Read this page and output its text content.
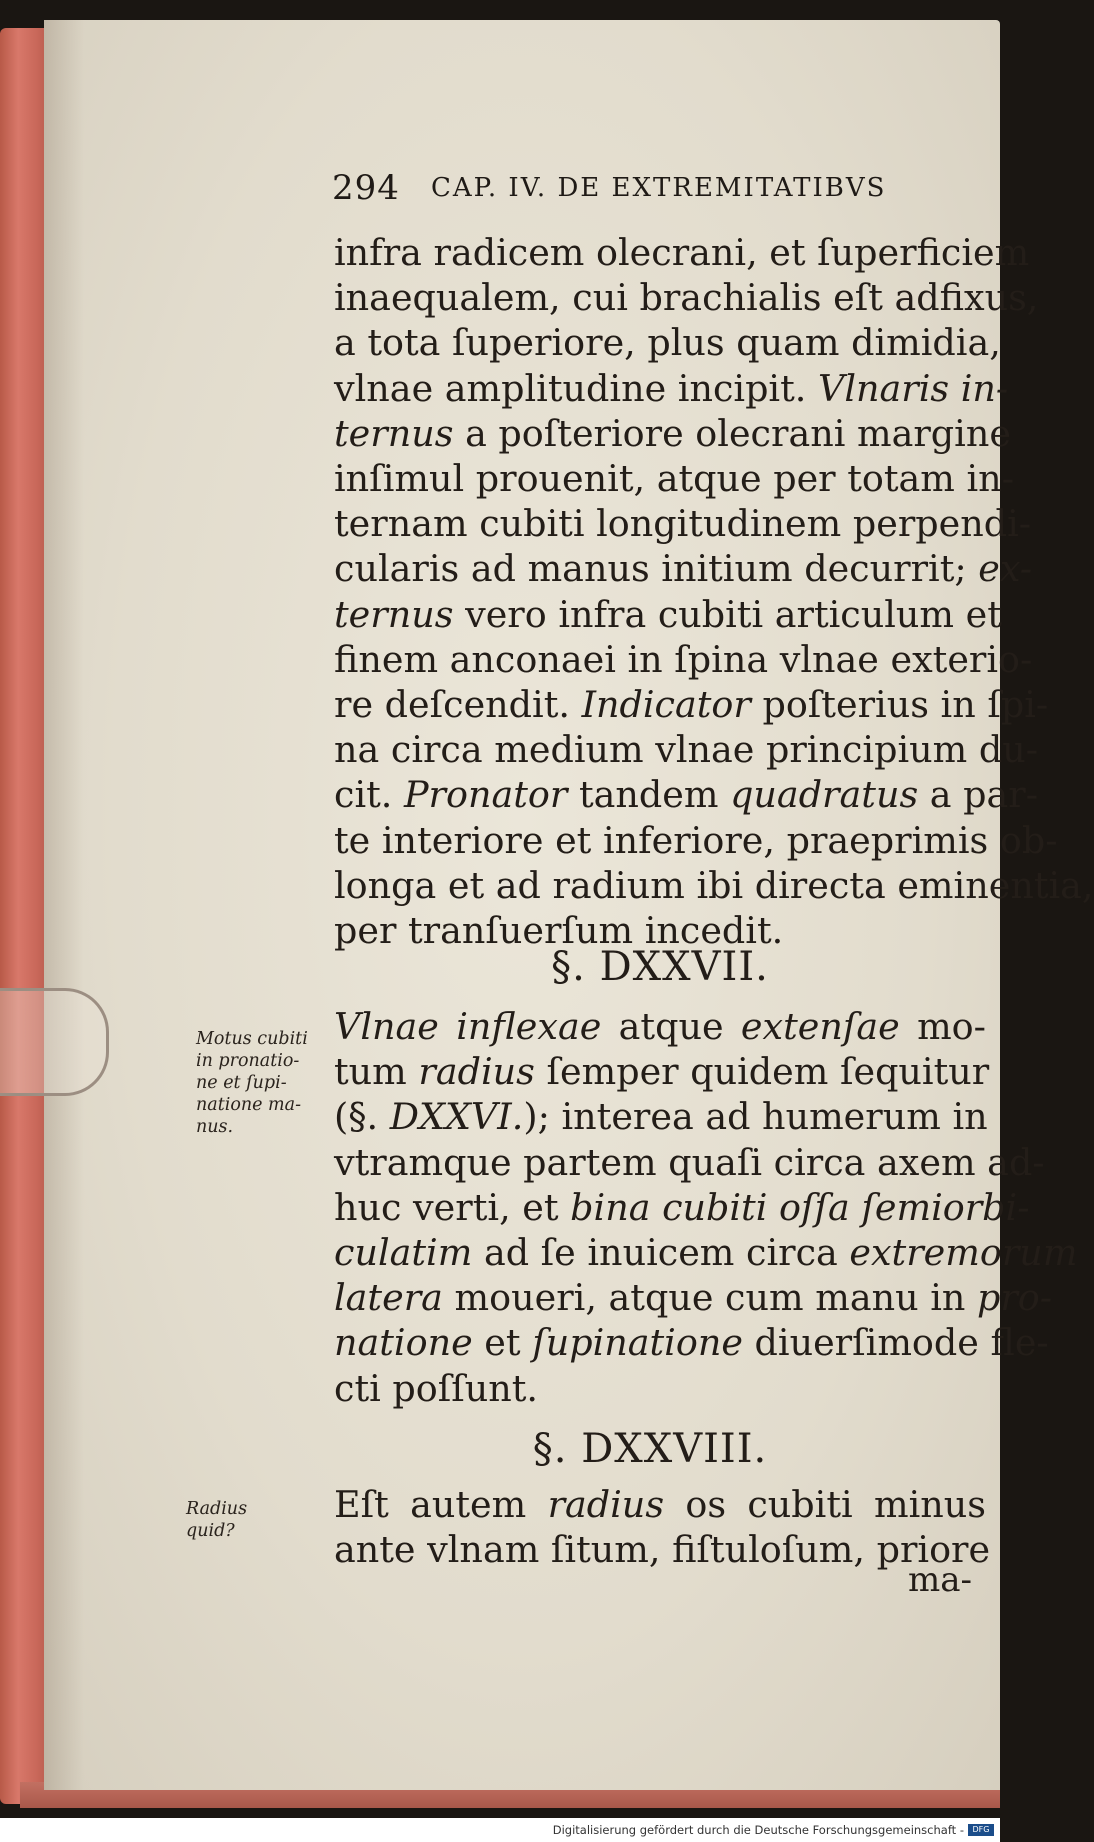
294 CAP. IV. DE EXTREMITATIBVS
infra radicem olecrani, et ſuperficiem
inaequalem, cui brachialis eſt adfixus,
a tota ſuperiore, plus quam dimidia,
vlnae amplitudine incipit. Vlnaris in-
ternus a poſteriore olecrani margine
inſimul prouenit, atque per totam in-
ternam cubiti longitudinem perpendi-
cularis ad manus initium decurrit; ex-
ternus vero infra cubiti articulum et
finem anconaei in ſpina vlnae exterio-
re deſcendit. Indicator poſterius in ſpi-
na circa medium vlnae principium du-
cit. Pronator tandem quadratus a par-
te interiore et inferiore, praeprimis ob-
longa et ad radium ibi directa eminentia,
per tranſuerſum incedit.
§. DXXVII.
Motus cubiti
in pronatio-
ne et ſupi-
natione ma-
nus.
Vlnae inflexae atque extenſae mo-
tum radius ſemper quidem ſequitur
(§. DXXVI.); interea ad humerum in
vtramque partem quaſi circa axem ad-
huc verti, et bina cubiti oſſa ſemiorbi-
culatim ad ſe inuicem circa extremorum
latera moueri, atque cum manu in pro-
natione et ſupinatione diuerſimode fle-
cti poſſunt.
§. DXXVIII.
Radius
quid?
Eſt autem radius os cubiti minus
ante vlnam ſitum, fiſtuloſum, priore
ma-
Digitalisierung gefördert durch die Deutsche Forschungsgemeinschaft -	DFG
